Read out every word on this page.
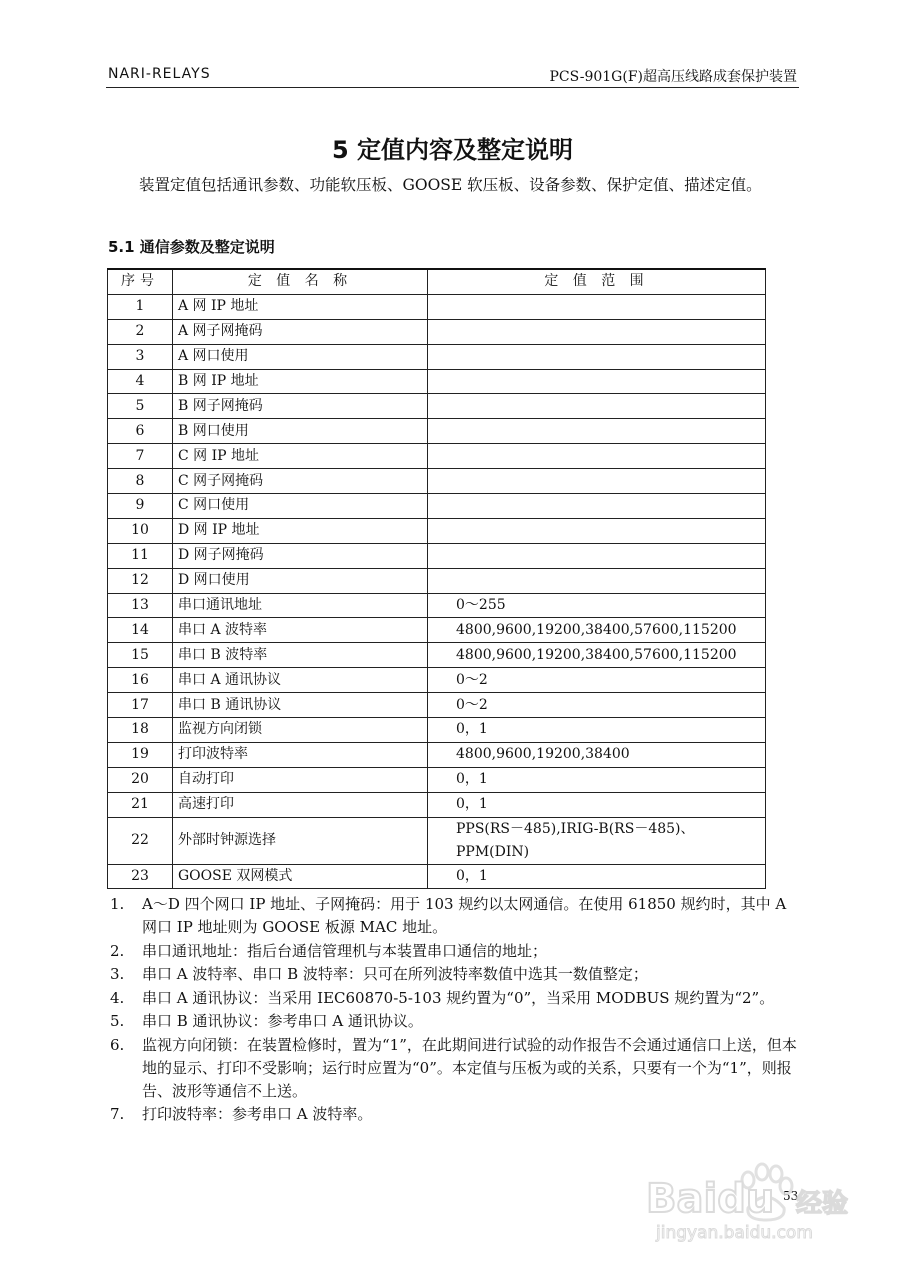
NARI-RELAYS	PCS-901G(F)超高压线路成套保护装置
5 定值内容及整定说明
装置定值包括通讯参数、功能软压板、GOOSE 软压板、设备参数、保护定值、描述定值。
5.1 通信参数及整定说明
序号	定 值 名 称	定 值 范 围
1	A 网 IP 地址	
2	A 网子网掩码	
3	A 网口使用	
4	B 网 IP 地址	
5	B 网子网掩码	
6	B 网口使用	
7	C 网 IP 地址	
8	C 网子网掩码	
9	C 网口使用	
10	D 网 IP 地址	
11	D 网子网掩码	
12	D 网口使用	
13	串口通讯地址	0～255
14	串口 A 波特率	4800,9600,19200,38400,57600,115200
15	串口 B 波特率	4800,9600,19200,38400,57600,115200
16	串口 A 通讯协议	0～2
17	串口 B 通讯协议	0～2
18	监视方向闭锁	0，1
19	打印波特率	4800,9600,19200,38400
20	自动打印	0，1
21	高速打印	0，1
22	外部时钟源选择	PPS(RS－485),IRIG-B(RS－485)、PPM(DIN)
23	GOOSE 双网模式	0，1
1. A～D 四个网口 IP 地址、子网掩码：用于 103 规约以太网通信。在使用 61850 规约时，其中 A 网口 IP 地址则为 GOOSE 板源 MAC 地址。
2. 串口通讯地址：指后台通信管理机与本装置串口通信的地址；
3. 串口 A 波特率、串口 B 波特率：只可在所列波特率数值中选其一数值整定；
4. 串口 A 通讯协议：当采用 IEC60870-5-103 规约置为“0”，当采用 MODBUS 规约置为“2”。
5. 串口 B 通讯协议：参考串口 A 通讯协议。
6. 监视方向闭锁：在装置检修时，置为“1”，在此期间进行试验的动作报告不会通过通信口上送，但本地的显示、打印不受影响；运行时应置为“0”。本定值与压板为或的关系，只要有一个为“1”，则报告、波形等通信不上送。
7. 打印波特率：参考串口 A 波特率。
53
Baidu 经验
jingyan.baidu.com
